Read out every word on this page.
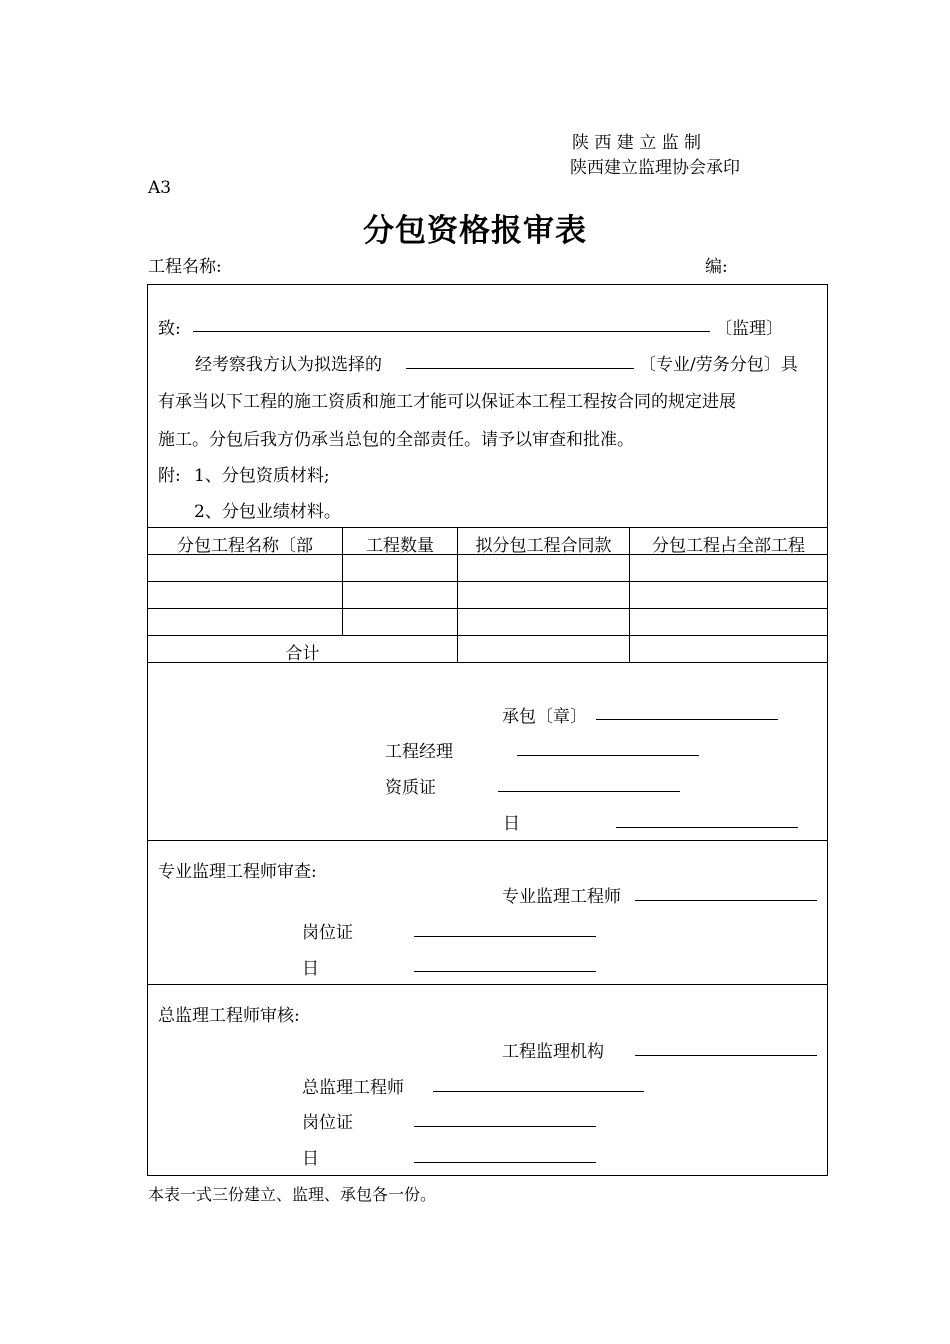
陕 西 建 立 监 制
陕西建立监理协会承印
A3
分包资格报审表
工程名称:	编:
致:	〔监理〕
经考察我方认为拟选择的	〔专业/劳务分包〕具
有承当以下工程的施工资质和施工才能可以保证本工程工程按合同的规定进展
施工。分包后我方仍承当总包的全部责任。请予以审查和批准。
附: 1、分包资质材料;
2、分包业绩材料。
分包工程名称〔部	工程数量	拟分包工程合同款	分包工程占全部工程
合计
承包〔章〕
工程经理
资质证
日
专业监理工程师审查:
专业监理工程师
岗位证
日
总监理工程师审核:
工程监理机构
总监理工程师
岗位证
日
本表一式三份建立、监理、承包各一份。
